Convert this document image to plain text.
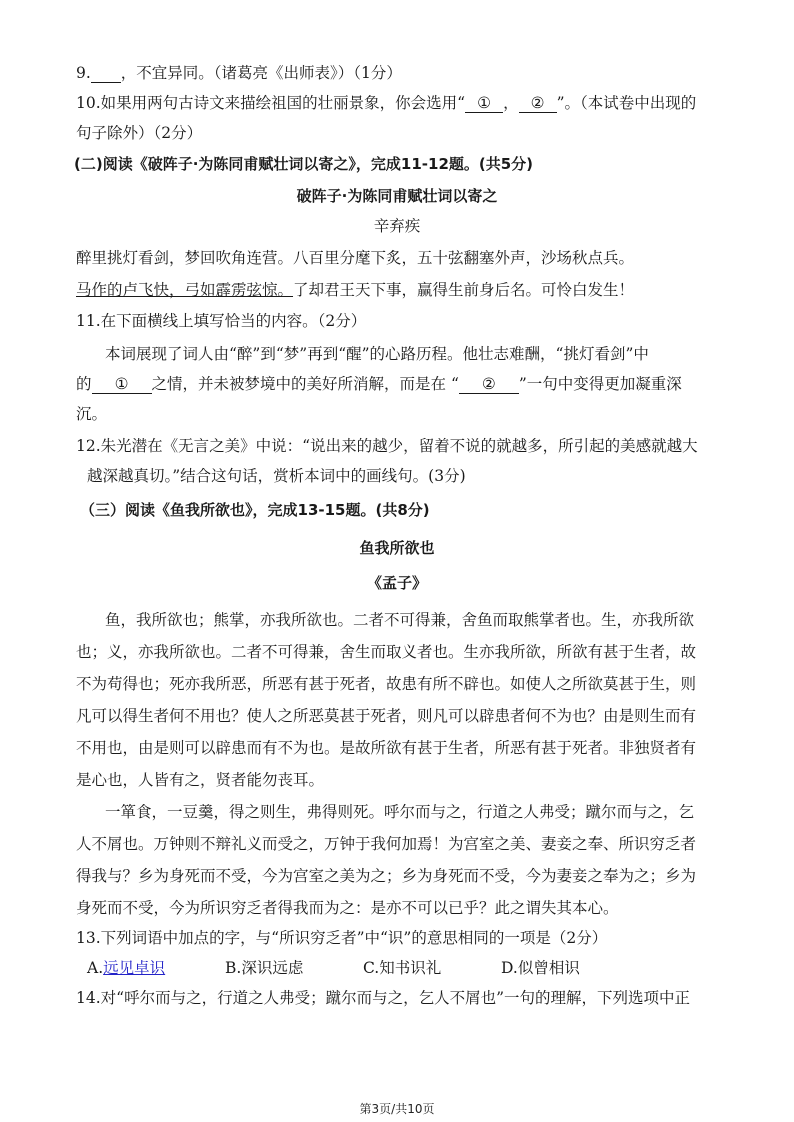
9. ，不宜异同。（诸葛亮《出师表》）（1分）
10.如果用两句古诗文来描绘祖国的壮丽景象，你会选用“ ① ， ② ”。（本试卷中出现的
句子除外）（2分）
(二)阅读《破阵子·为陈同甫赋壮词以寄之》，完成11-12题。(共5分)
破阵子·为陈同甫赋壮词以寄之
辛弃疾
醉里挑灯看剑，梦回吹角连营。八百里分麾下炙，五十弦翻塞外声，沙场秋点兵。
马作的卢飞快，弓如霹雳弦惊。了却君王天下事，赢得生前身后名。可怜白发生！
11.在下面横线上填写恰当的内容。（2分）
本词展现了词人由“醉”到“梦”再到“醒”的心路历程。他壮志难酬，“挑灯看剑”中
的 ① 之情，并未被梦境中的美好所消解，而是在 “ ② ”一句中变得更加凝重深
沉。
12.朱光潜在《无言之美》中说：“说出来的越少，留着不说的就越多，所引起的美感就越大
越深越真切。”结合这句话，赏析本词中的画线句。(3分)
（三）阅读《鱼我所欲也》，完成13-15题。(共8分)
鱼我所欲也
《孟子》
鱼，我所欲也；熊掌，亦我所欲也。二者不可得兼，舍鱼而取熊掌者也。生，亦我所欲
也；义，亦我所欲也。二者不可得兼，舍生而取义者也。生亦我所欲，所欲有甚于生者，故
不为苟得也；死亦我所恶，所恶有甚于死者，故患有所不辟也。如使人之所欲莫甚于生，则
凡可以得生者何不用也？使人之所恶莫甚于死者，则凡可以辟患者何不为也？由是则生而有
不用也，由是则可以辟患而有不为也。是故所欲有甚于生者，所恶有甚于死者。非独贤者有
是心也，人皆有之，贤者能勿丧耳。
一箪食，一豆羹，得之则生，弗得则死。呼尔而与之，行道之人弗受；蹴尔而与之，乞
人不屑也。万钟则不辩礼义而受之，万钟于我何加焉！为宫室之美、妻妾之奉、所识穷乏者
得我与？乡为身死而不受，今为宫室之美为之；乡为身死而不受，今为妻妾之奉为之；乡为
身死而不受，今为所识穷乏者得我而为之：是亦不可以已乎？此之谓失其本心。
13.下列词语中加点的字，与“所识穷乏者”中“识”的意思相同的一项是（2分）
A.远见卓识	B.深识远虑	C.知书识礼	D.似曾相识
14.对“呼尔而与之，行道之人弗受；蹴尔而与之，乞人不屑也”一句的理解，下列选项中正
第3页/共10页
